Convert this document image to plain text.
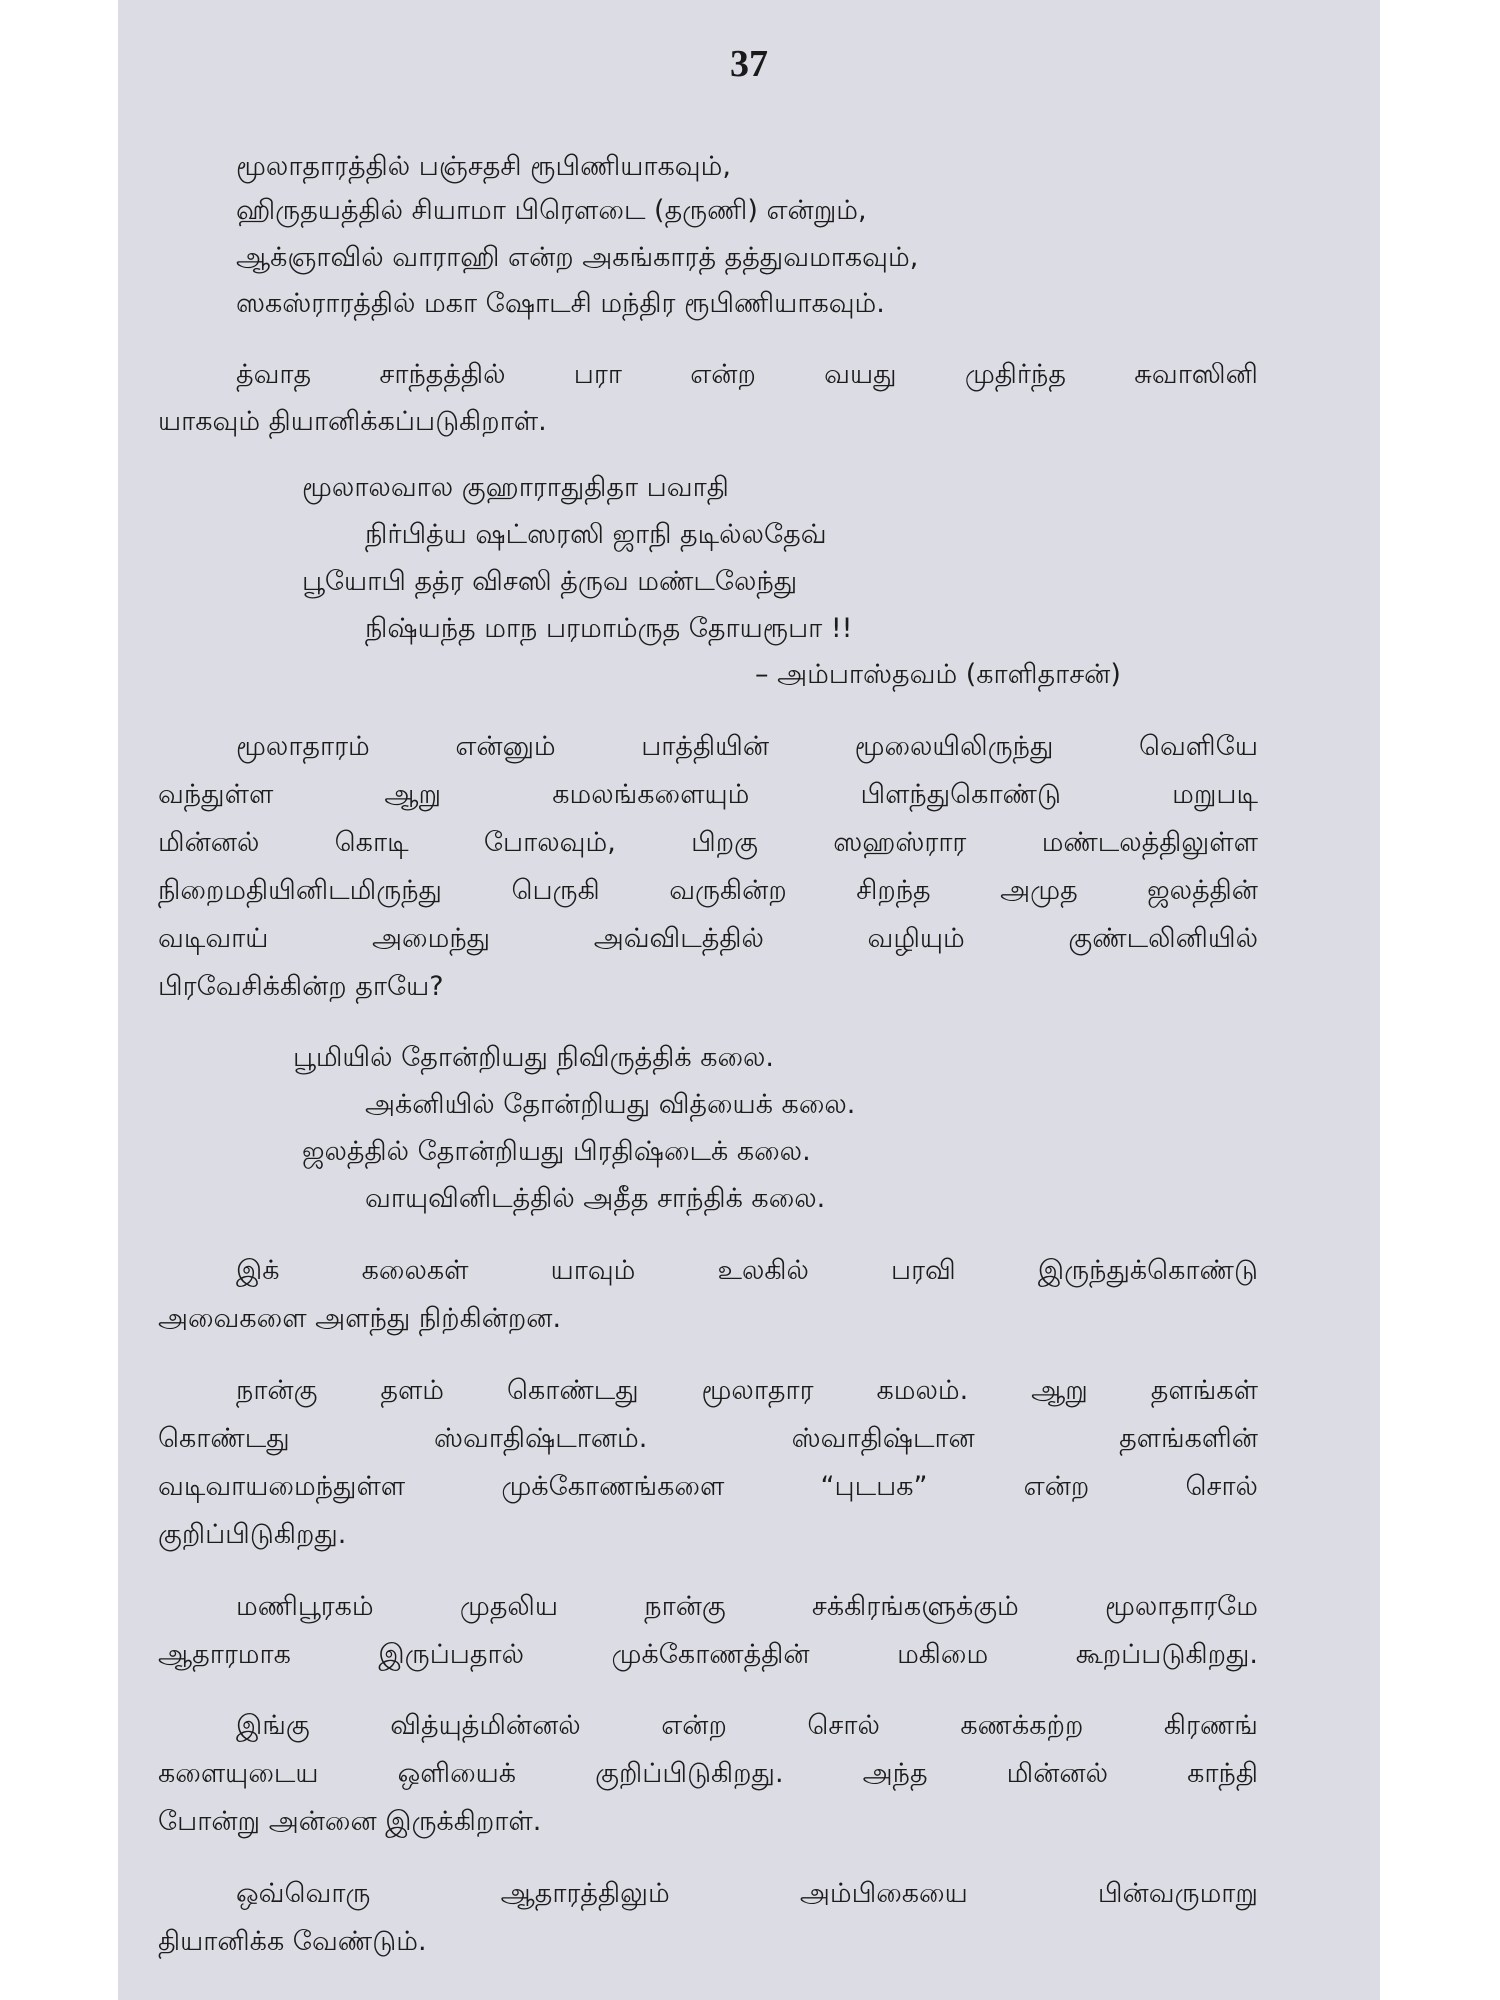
37
மூலாதாரத்தில் பஞ்சதசி ரூபிணியாகவும்,
ஹிருதயத்தில் சியாமா பிரௌடை (தருணி) என்றும்,
ஆக்ஞாவில் வாராஹி என்ற அகங்காரத் தத்துவமாகவும்,
ஸகஸ்ராரத்தில் மகா ஷோடசி மந்திர ரூபிணியாகவும்.
த்வாத	சாந்தத்தில்	பரா	என்ற	வயது	முதிர்ந்த	சுவாஸினி
யாகவும் தியானிக்கப்படுகிறாள்.
மூலாலவால குஹாராதுதிதா பவாதி
நிர்பித்ய ஷட்ஸரஸி ஜாநி தடில்லதேவ்
பூயோபி தத்ர விசஸி த்ருவ மண்டலேந்து
நிஷ்யந்த மாந பரமாம்ருத தோயரூபா !!
– அம்பாஸ்தவம் (காளிதாசன்)
மூலாதாரம்	என்னும்	பாத்தியின்	மூலையிலிருந்து	வெளியே
வந்துள்ள	ஆறு	கமலங்களையும்	பிளந்துகொண்டு	மறுபடி
மின்னல்	கொடி	போலவும்,	பிறகு	ஸஹஸ்ரார	மண்டலத்திலுள்ள
நிறைமதியினிடமிருந்து	பெருகி	வருகின்ற	சிறந்த	அமுத	ஜலத்தின்
வடிவாய்	அமைந்து	அவ்விடத்தில்	வழியும்	குண்டலினியில்
பிரவேசிக்கின்ற தாயே?
பூமியில் தோன்றியது நிவிருத்திக் கலை.
அக்னியில் தோன்றியது வித்யைக் கலை.
ஜலத்தில் தோன்றியது பிரதிஷ்டைக் கலை.
வாயுவினிடத்தில் அதீத சாந்திக் கலை.
இக்	கலைகள்	யாவும்	உலகில்	பரவி	இருந்துக்கொண்டு
அவைகளை அளந்து நிற்கின்றன.
நான்கு தளம் கொண்டது மூலாதார கமலம். ஆறு தளங்கள்
கொண்டது	ஸ்வாதிஷ்டானம்.	ஸ்வாதிஷ்டான	தளங்களின்
வடிவாயமைந்துள்ள	முக்கோணங்களை	“புடபக”	என்ற	சொல்
குறிப்பிடுகிறது.
மணிபூரகம்	முதலிய	நான்கு	சக்கிரங்களுக்கும்	மூலாதாரமே
ஆதாரமாக	இருப்பதால்	முக்கோணத்தின்	மகிமை	கூறப்படுகிறது.
இங்கு	வித்யுத்மின்னல்	என்ற	சொல்	கணக்கற்ற	கிரணங்
களையுடைய	ஒளியைக்	குறிப்பிடுகிறது.	அந்த	மின்னல்	காந்தி
போன்று அன்னை இருக்கிறாள்.
ஒவ்வொரு	ஆதாரத்திலும்	அம்பிகையை	பின்வருமாறு
தியானிக்க வேண்டும்.
